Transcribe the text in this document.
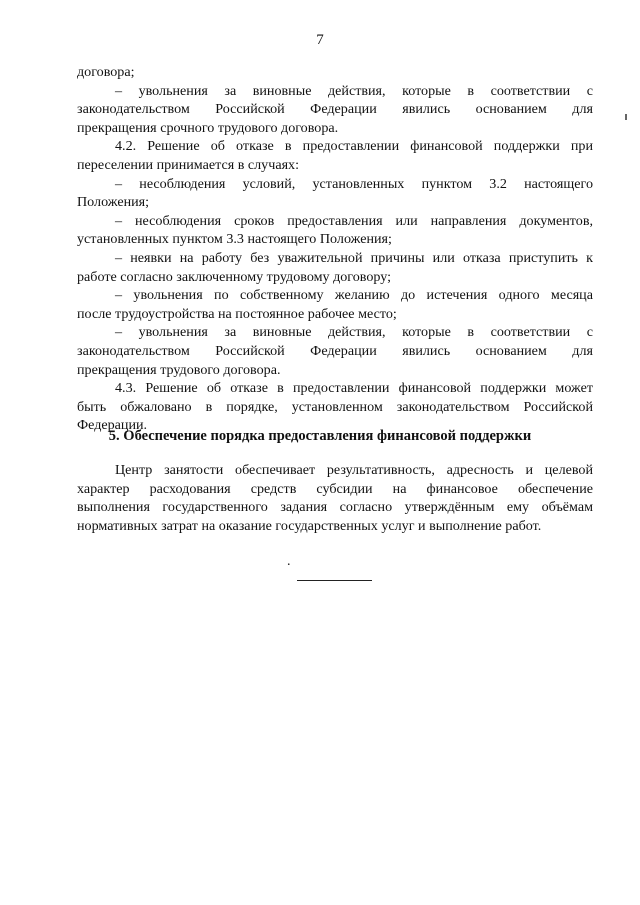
7

договора;

– увольнения за виновные действия, которые в соответствии с

законодательством Российской Федерации явились основанием для

прекращения срочного трудового договора.

4.2. Решение об отказе в предоставлении финансовой поддержки при

переселении принимается в случаях:

– несоблюдения условий, установленных пунктом 3.2 настоящего

Положения;

– несоблюдения сроков предоставления или направления документов,

установленных пунктом 3.3 настоящего Положения;

– неявки на работу без уважительной причины или отказа приступить к

работе согласно заключенному трудовому договору;

– увольнения по собственному желанию до истечения одного месяца

после трудоустройства на постоянное рабочее место;

– увольнения за виновные действия, которые в соответствии с

законодательством Российской Федерации явились основанием для

прекращения трудового договора.

4.3. Решение об отказе в предоставлении финансовой поддержки может

быть обжаловано в порядке, установленном законодательством Российской

Федерации.

5. Обеспечение порядка предоставления финансовой поддержки

Центр занятости обеспечивает результативность, адресность и целевой

характер расходования средств субсидии на финансовое обеспечение

выполнения государственного задания согласно утверждённым ему объёмам

нормативных затрат на оказание государственных услуг и выполнение работ.

.
